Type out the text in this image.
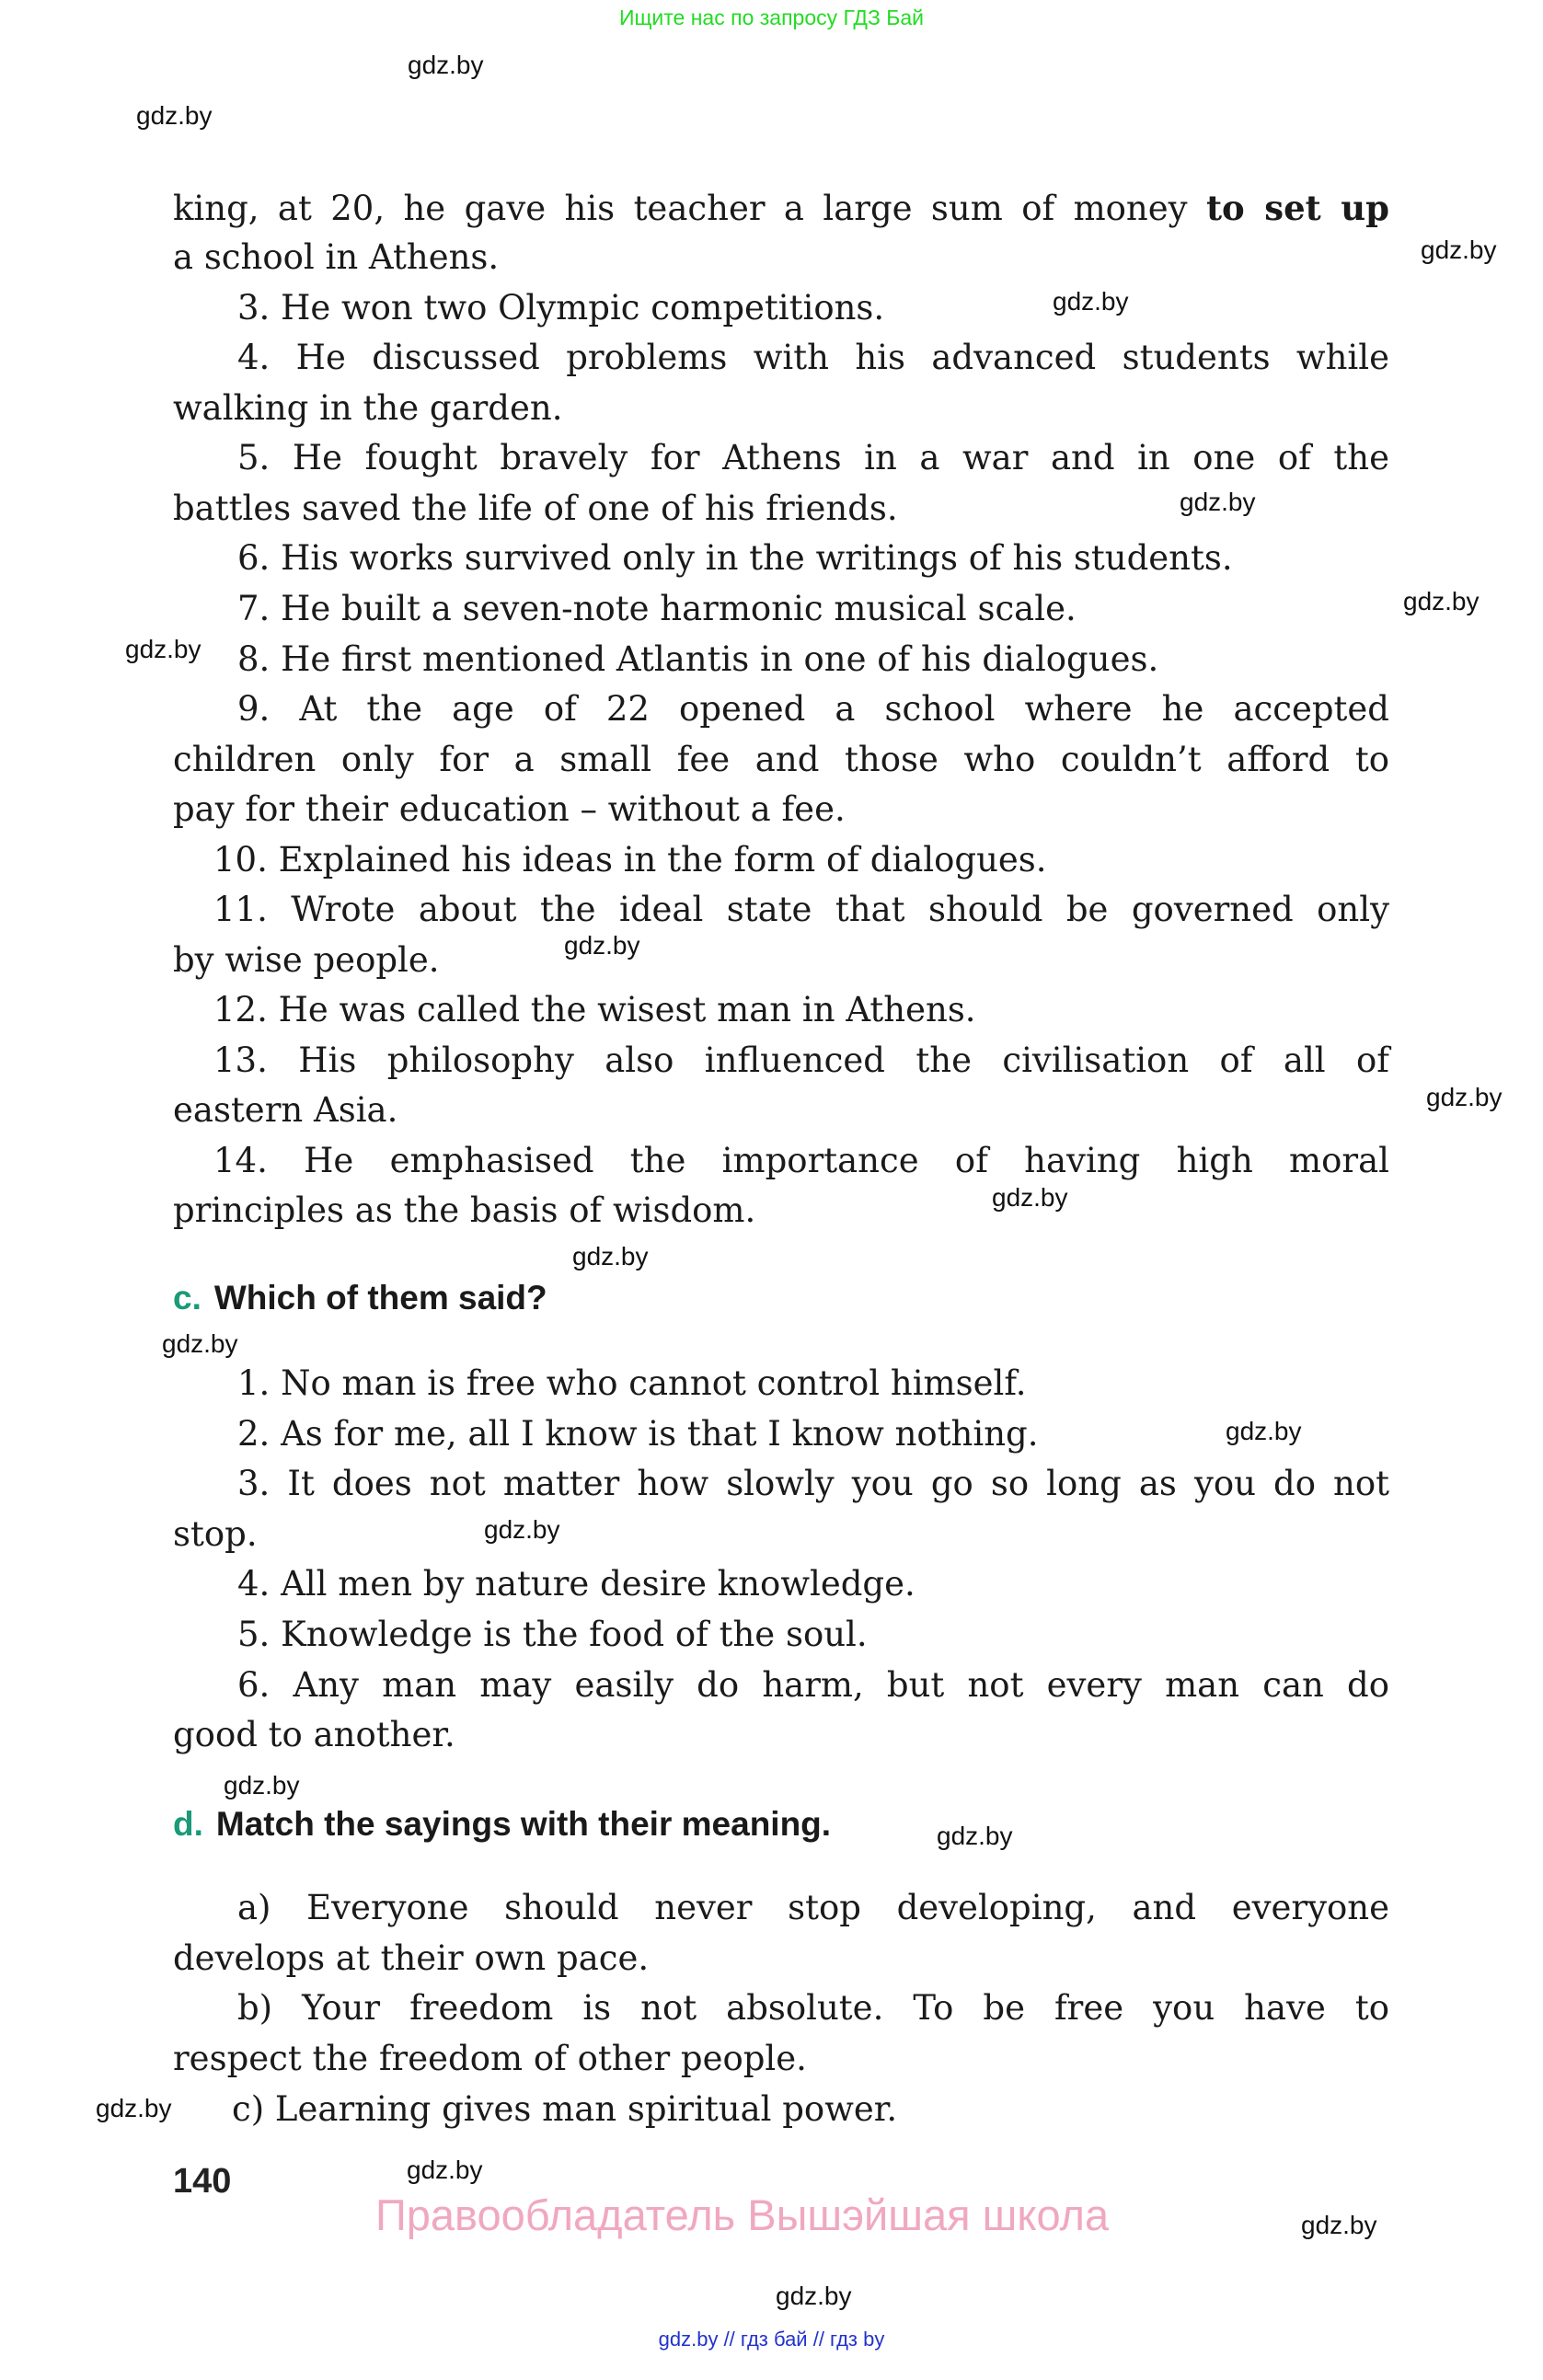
Ищите нас по запросу ГДЗ Бай
gdz.by
gdz.by
gdz.by
gdz.by
gdz.by
gdz.by
gdz.by
gdz.by
gdz.by
gdz.by
gdz.by
gdz.by
gdz.by
gdz.by
gdz.by
gdz.by
gdz.by
gdz.by
gdz.by
gdz.by
king, at 20, he gave his teacher a large sum of money to set up
a school in Athens.
3. He won two Olympic competitions.
4. He discussed problems with his advanced students while
walking in the garden.
5. He fought bravely for Athens in a war and in one of the
battles saved the life of one of his friends.
6. His works survived only in the writings of his students.
7. He built a seven-note harmonic musical scale.
8. He first mentioned Atlantis in one of his dialogues.
9. At the age of 22 opened a school where he accepted
children only for a small fee and those who couldn’t afford to
pay for their education – without a fee.
10. Explained his ideas in the form of dialogues.
11. Wrote about the ideal state that should be governed only
by wise people.
12. He was called the wisest man in Athens.
13. His philosophy also influenced the civilisation of all of
eastern Asia.
14. He emphasised the importance of having high moral
principles as the basis of wisdom.
c. Which of them said?
1. No man is free who cannot control himself.
2. As for me, all I know is that I know nothing.
3. It does not matter how slowly you go so long as you do not
stop.
4. All men by nature desire knowledge.
5. Knowledge is the food of the soul.
6. Any man may easily do harm, but not every man can do
good to another.
d. Match the sayings with their meaning.
a) Everyone should never stop developing, and everyone
develops at their own pace.
b) Your freedom is not absolute. To be free you have to
respect the freedom of other people.
c) Learning gives man spiritual power.
140
Правообладатель Вышэйшая школа
gdz.by // гдз бай // гдз by
